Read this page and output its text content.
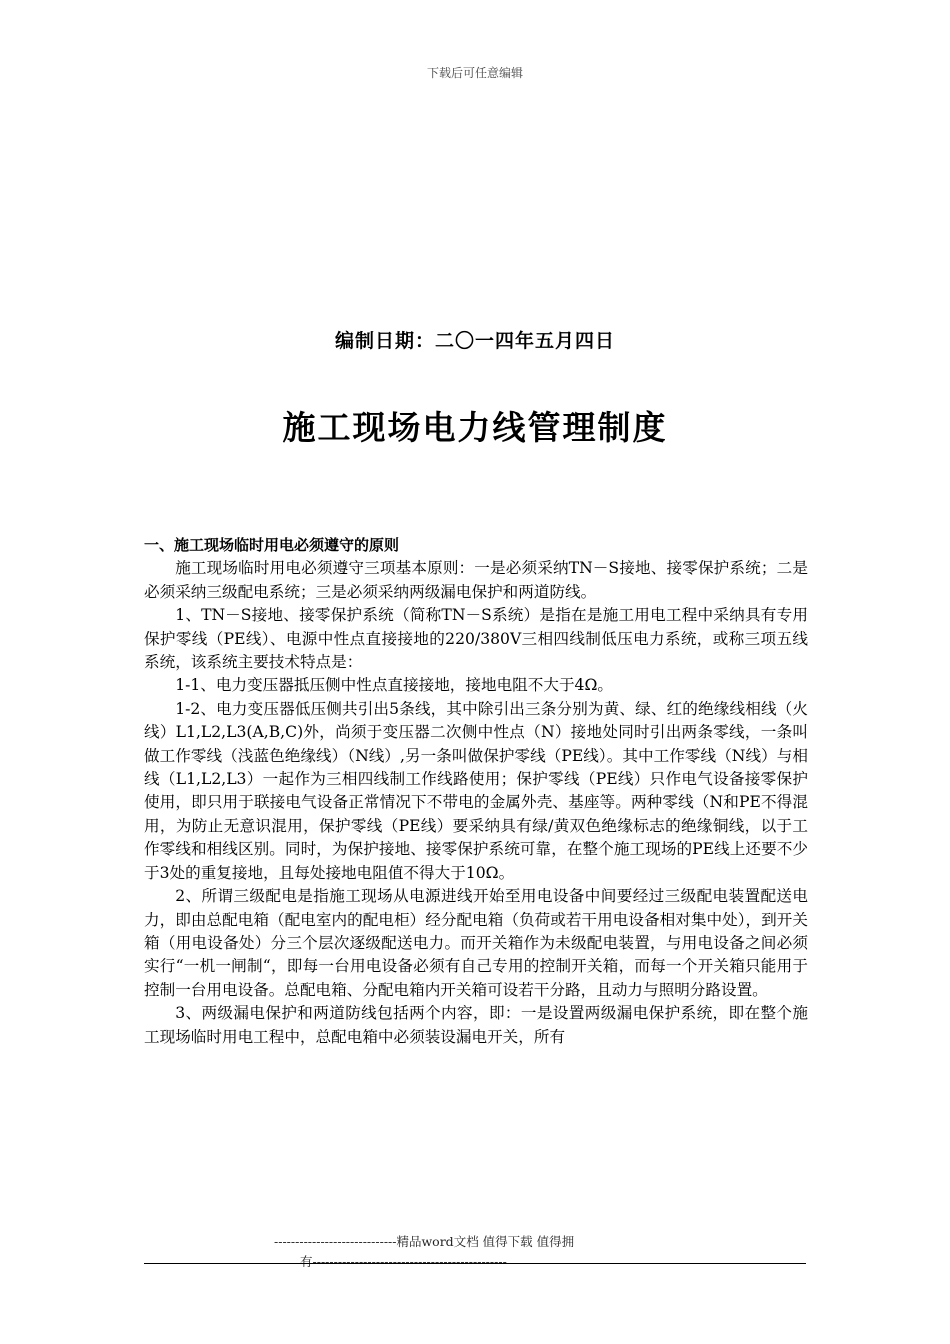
下载后可任意编辑
编制日期：二〇一四年五月四日
施工现场电力线管理制度
一、施工现场临时用电必须遵守的原则

施工现场临时用电必须遵守三项基本原则：一是必须采纳TN－S接地、接零保护系统；二是必须采纳三级配电系统；三是必须采纳两级漏电保护和两道防线。

1、TN－S接地、接零保护系统（简称TN－S系统）是指在是施工用电工程中采纳具有专用保护零线（PE线）、电源中性点直接接地的220/380V三相四线制低压电力系统，或称三项五线系统，该系统主要技术特点是：

1-1、电力变压器抵压侧中性点直接接地，接地电阻不大于4Ω。

1-2、电力变压器低压侧共引出5条线，其中除引出三条分别为黄、绿、红的绝缘线相线（火线）L1,L2,L3(A,B,C)外，尚须于变压器二次侧中性点（N）接地处同时引出两条零线，一条叫做工作零线（浅蓝色绝缘线）（N线）,另一条叫做保护零线（PE线）。其中工作零线（N线）与相线（L1,L2,L3）一起作为三相四线制工作线路使用；保护零线（PE线）只作电气设备接零保护使用，即只用于联接电气设备正常情况下不带电的金属外壳、基座等。两种零线（N和PE不得混用，为防止无意识混用，保护零线（PE线）要采纳具有绿/黄双色绝缘标志的绝缘铜线，以于工作零线和相线区别。同时，为保护接地、接零保护系统可靠，在整个施工现场的PE线上还要不少于3处的重复接地，且每处接地电阻值不得大于10Ω。

2、所谓三级配电是指施工现场从电源进线开始至用电设备中间要经过三级配电装置配送电力，即由总配电箱（配电室内的配电柜）经分配电箱（负荷或若干用电设备相对集中处），到开关箱（用电设备处）分三个层次逐级配送电力。而开关箱作为未级配电装置，与用电设备之间必须实行“一机一闸制“，即每一台用电设备必须有自己专用的控制开关箱，而每一个开关箱只能用于控制一台用电设备。总配电箱、分配电箱内开关箱可设若干分路，且动力与照明分路设置。

3、两级漏电保护和两道防线包括两个内容，即：一是设置两级漏电保护系统，即在整个施工现场临时用电工程中，总配电箱中必须装设漏电开关，所有

-----------------------------精品word文档 值得下载 值得拥
有----------------------------------------------
